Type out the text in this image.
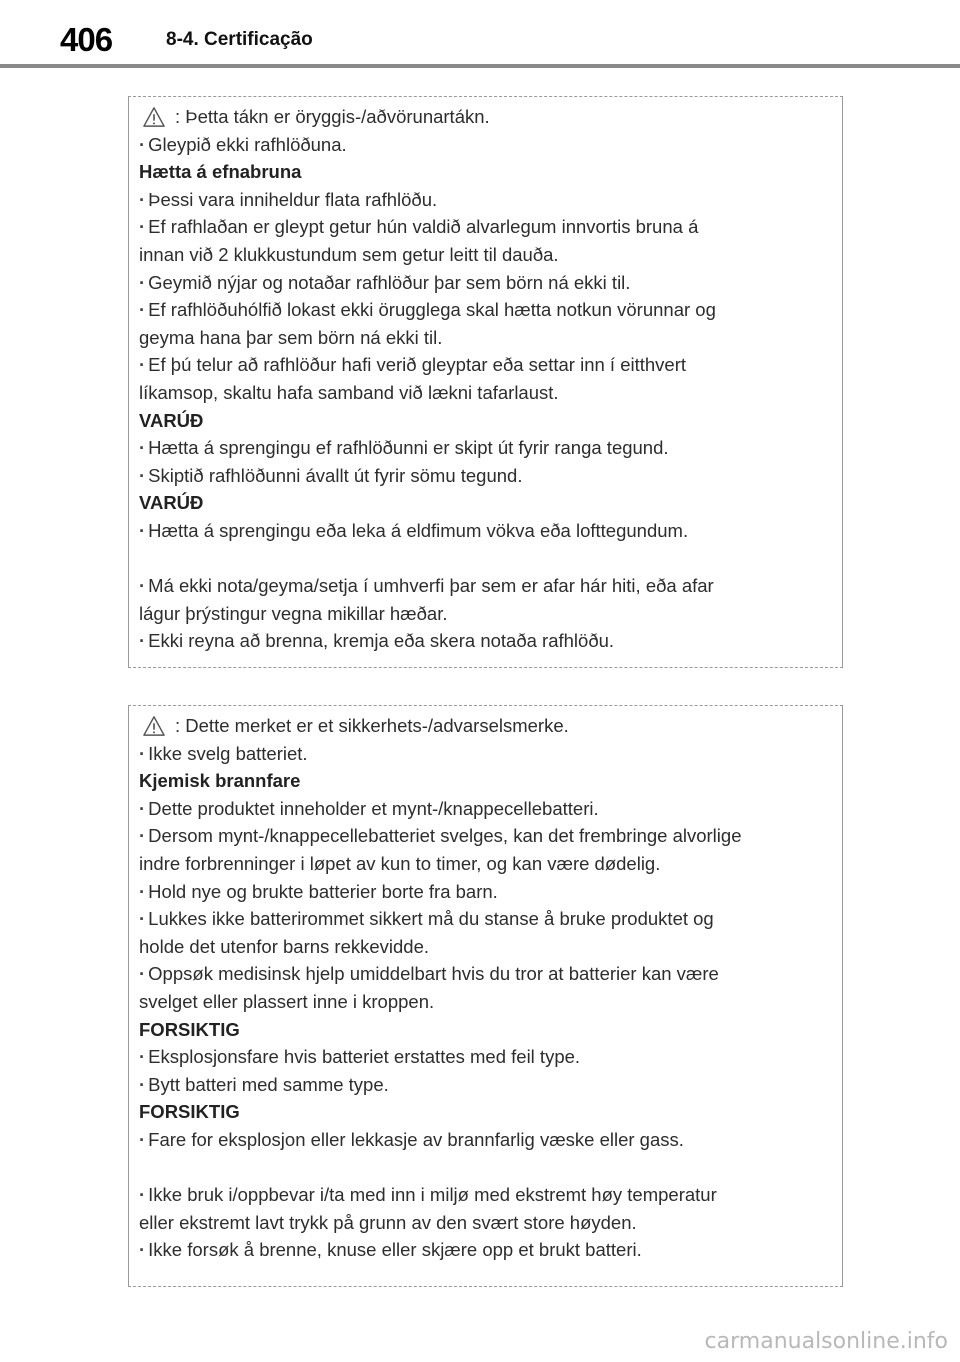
406	8-4. Certificação
: Þetta tákn er öryggis-/aðvörunartákn.
· Gleypið ekki rafhlöðuna.
Hætta á efnabruna
· Þessi vara inniheldur flata rafhlöðu.
· Ef rafhlaðan er gleypt getur hún valdið alvarlegum innvortis bruna á
innan við 2 klukkustundum sem getur leitt til dauða.
· Geymið nýjar og notaðar rafhlöður þar sem börn ná ekki til.
· Ef rafhlöðuhólfið lokast ekki örugglega skal hætta notkun vörunnar og
geyma hana þar sem börn ná ekki til.
· Ef þú telur að rafhlöður hafi verið gleyptar eða settar inn í eitthvert
líkamsop, skaltu hafa samband við lækni tafarlaust.
VARÚÐ
· Hætta á sprengingu ef rafhlöðunni er skipt út fyrir ranga tegund.
· Skiptið rafhlöðunni ávallt út fyrir sömu tegund.
VARÚÐ
· Hætta á sprengingu eða leka á eldfimum vökva eða lofttegundum.
· Má ekki nota/geyma/setja í umhverfi þar sem er afar hár hiti, eða afar
lágur þrýstingur vegna mikillar hæðar.
· Ekki reyna að brenna, kremja eða skera notaða rafhlöðu.
: Dette merket er et sikkerhets-/advarselsmerke.
· Ikke svelg batteriet.
Kjemisk brannfare
· Dette produktet inneholder et mynt-/knappecellebatteri.
· Dersom mynt-/knappecellebatteriet svelges, kan det frembringe alvorlige
indre forbrenninger i løpet av kun to timer, og kan være dødelig.
· Hold nye og brukte batterier borte fra barn.
· Lukkes ikke batterirommet sikkert må du stanse å bruke produktet og
holde det utenfor barns rekkevidde.
· Oppsøk medisinsk hjelp umiddelbart hvis du tror at batterier kan være
svelget eller plassert inne i kroppen.
FORSIKTIG
· Eksplosjonsfare hvis batteriet erstattes med feil type.
· Bytt batteri med samme type.
FORSIKTIG
· Fare for eksplosjon eller lekkasje av brannfarlig væske eller gass.
· Ikke bruk i/oppbevar i/ta med inn i miljø med ekstremt høy temperatur
eller ekstremt lavt trykk på grunn av den svært store høyden.
· Ikke forsøk å brenne, knuse eller skjære opp et brukt batteri.
carmanualsonline.info
